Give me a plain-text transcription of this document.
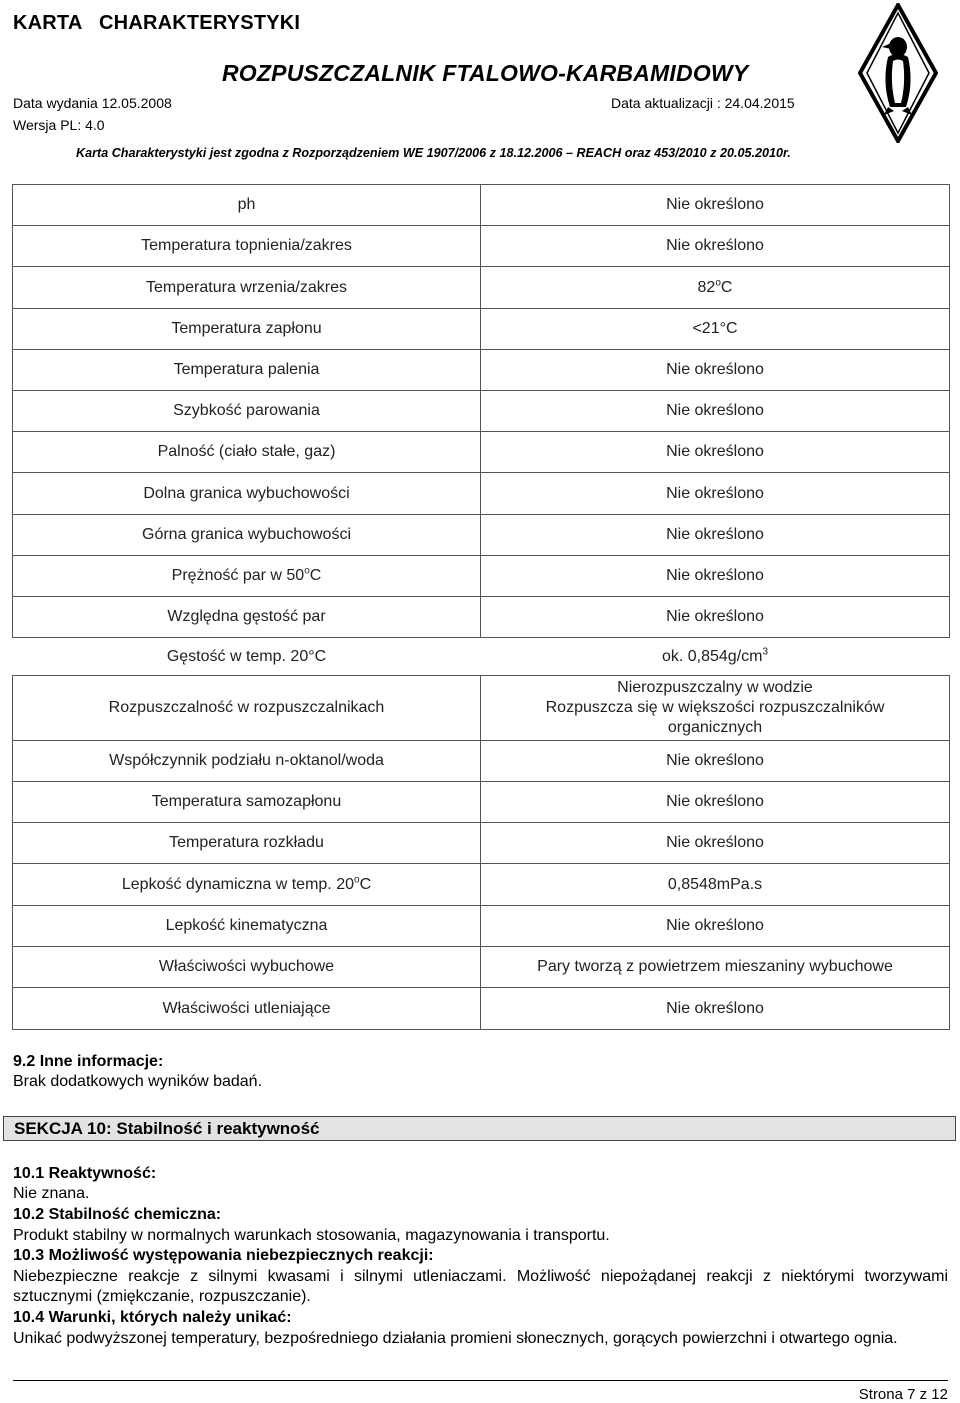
KARTA   CHARAKTERYSTYKI
ROZPUSZCZALNIK FTALOWO-KARBAMIDOWY
Data wydania 12.05.2008	Data aktualizacji : 24.04.2015
Wersja PL: 4.0
Karta Charakterystyki jest zgodna z Rozporządzeniem WE 1907/2006 z 18.12.2006 – REACH oraz 453/2010 z 20.05.2010r.
ph	Nie określono
Temperatura topnienia/zakres	Nie określono
Temperatura wrzenia/zakres	82$^o$C
Temperatura zapłonu	<21°C
Temperatura palenia	Nie określono
Szybkość parowania	Nie określono
Palność (ciało stałe, gaz)	Nie określono
Dolna granica wybuchowości	Nie określono
Górna granica wybuchowości	Nie określono
Prężność par w 50$^o$C	Nie określono
Względna gęstość par	Nie określono
Gęstość w temp. 20°C	ok. $0,854g/cm^3$
Rozpuszczalność w rozpuszczalnikach	Nierozpuszczalny w wodzie
Rozpuszcza się w większości rozpuszczalników
organicznych

Współczynnik podziału n-oktanol/woda	Nie określono
Temperatura samozapłonu	Nie określono
Temperatura rozkładu	Nie określono
Lepkość dynamiczna w temp. 20$^o$C	0,8548mPa.s
Lepkość kinematyczna	Nie określono
Właściwości wybuchowe	Pary tworzą z powietrzem mieszaniny wybuchowe
Właściwości utleniające	Nie określono
9.2 Inne informacje:
Brak dodatkowych wyników badań.
SEKCJA 10: Stabilność i reaktywność
10.1 Reaktywność:
Nie znana.
10.2 Stabilność chemiczna:
Produkt stabilny w normalnych warunkach stosowania, magazynowania i transportu.
10.3 Możliwość występowania niebezpiecznych reakcji:
Niebezpieczne reakcje z silnymi kwasami i silnymi utleniaczami. Możliwość niepożądanej reakcji z niektórymi tworzywami sztucznymi (zmiękczanie, rozpuszczanie).
10.4 Warunki, których należy unikać:
Unikać podwyższonej temperatury, bezpośredniego działania promieni słonecznych, gorących powierzchni i otwartego ognia.
Strona 7 z 12
